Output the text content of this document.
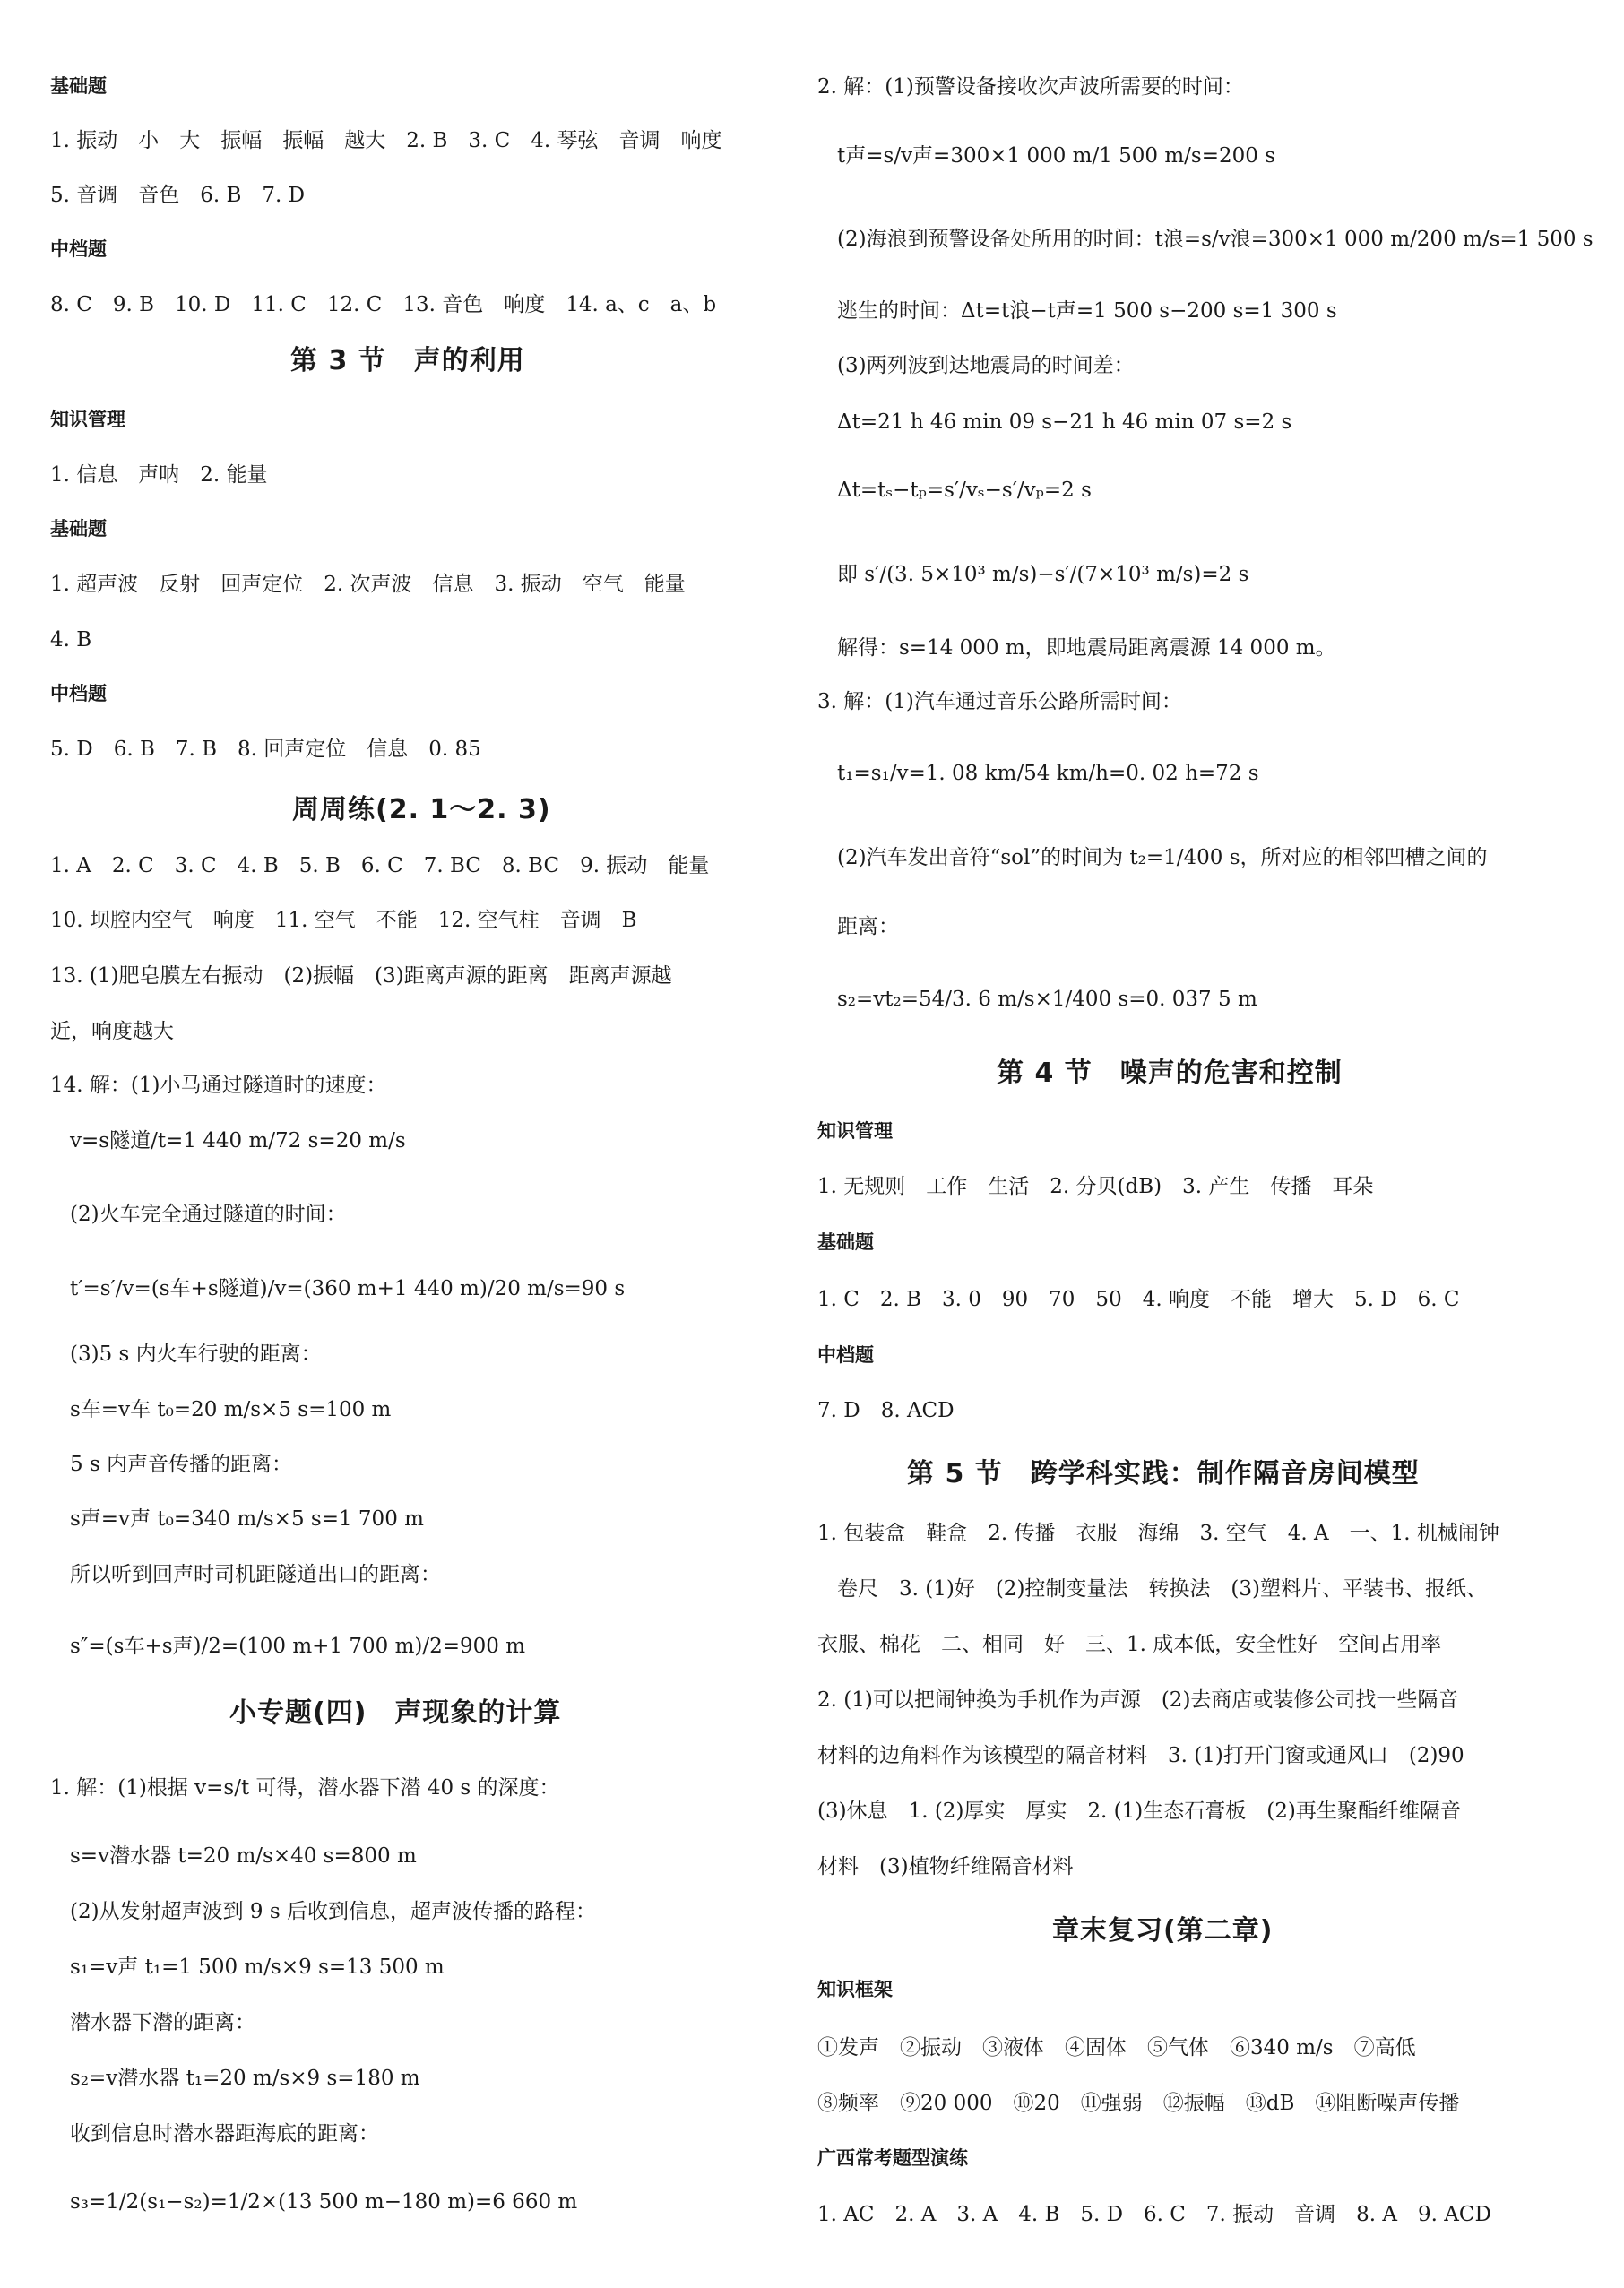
基础题
1. 振动　小　大　振幅　振幅　越大　2. B　3. C　4. 琴弦　音调　响度
5. 音调　音色　6. B　7. D
中档题
8. C　9. B　10. D　11. C　12. C　13. 音色　响度　14. a、c　a、b
第 3 节　声的利用
知识管理
1. 信息　声呐　2. 能量
基础题
1. 超声波　反射　回声定位　2. 次声波　信息　3. 振动　空气　能量
4. B
中档题
5. D　6. B　7. B　8. 回声定位　信息　0. 85
周周练(2. 1～2. 3)
1. A　2. C　3. C　4. B　5. B　6. C　7. BC　8. BC　9. 振动　能量
10. 坝腔内空气　响度　11. 空气　不能　12. 空气柱　音调　B
13. (1)肥皂膜左右振动　(2)振幅　(3)距离声源的距离　距离声源越
近，响度越大
14. 解：(1)小马通过隧道时的速度：
v=s隧道/t=1 440 m/72 s=20 m/s
(2)火车完全通过隧道的时间：
t′=s′/v=(s车+s隧道)/v=(360 m+1 440 m)/20 m/s=90 s
(3)5 s 内火车行驶的距离：
s车=v车 t₀=20 m/s×5 s=100 m
5 s 内声音传播的距离：
s声=v声 t₀=340 m/s×5 s=1 700 m
所以听到回声时司机距隧道出口的距离：
s″=(s车+s声)/2=(100 m+1 700 m)/2=900 m
小专题(四)　声现象的计算
1. 解：(1)根据 v=s/t 可得，潜水器下潜 40 s 的深度：
s=v潜水器 t=20 m/s×40 s=800 m
(2)从发射超声波到 9 s 后收到信息，超声波传播的路程：
s₁=v声 t₁=1 500 m/s×9 s=13 500 m
潜水器下潜的距离：
s₂=v潜水器 t₁=20 m/s×9 s=180 m
收到信息时潜水器距海底的距离：
s₃=1/2(s₁−s₂)=1/2×(13 500 m−180 m)=6 660 m
2. 解：(1)预警设备接收次声波所需要的时间：
t声=s/v声=300×1 000 m/1 500 m/s=200 s
(2)海浪到预警设备处所用的时间：t浪=s/v浪=300×1 000 m/200 m/s=1 500 s
逃生的时间：Δt=t浪−t声=1 500 s−200 s=1 300 s
(3)两列波到达地震局的时间差：
Δt=21 h 46 min 09 s−21 h 46 min 07 s=2 s
Δt=tₛ−tₚ=s′/vₛ−s′/vₚ=2 s
即 s′/(3. 5×10³ m/s)−s′/(7×10³ m/s)=2 s
解得：s=14 000 m，即地震局距离震源 14 000 m。
3. 解：(1)汽车通过音乐公路所需时间：
t₁=s₁/v=1. 08 km/54 km/h=0. 02 h=72 s
(2)汽车发出音符“sol”的时间为 t₂=1/400 s，所对应的相邻凹槽之间的
距离：
s₂=vt₂=54/3. 6 m/s×1/400 s=0. 037 5 m
第 4 节　噪声的危害和控制
知识管理
1. 无规则　工作　生活　2. 分贝(dB)　3. 产生　传播　耳朵
基础题
1. C　2. B　3. 0　90　70　50　4. 响度　不能　增大　5. D　6. C
中档题
7. D　8. ACD
第 5 节　跨学科实践：制作隔音房间模型
1. 包装盒　鞋盒　2. 传播　衣服　海绵　3. 空气　4. A　一、1. 机械闹钟
卷尺　3. (1)好　(2)控制变量法　转换法　(3)塑料片、平装书、报纸、
衣服、棉花　二、相同　好　三、1. 成本低，安全性好　空间占用率
2. (1)可以把闹钟换为手机作为声源　(2)去商店或装修公司找一些隔音
材料的边角料作为该模型的隔音材料　3. (1)打开门窗或通风口　(2)90
(3)休息　1. (2)厚实　厚实　2. (1)生态石膏板　(2)再生聚酯纤维隔音
材料　(3)植物纤维隔音材料
章末复习(第二章)
知识框架
①发声　②振动　③液体　④固体　⑤气体　⑥340 m/s　⑦高低
⑧频率　⑨20 000　⑩20　⑪强弱　⑫振幅　⑬dB　⑭阻断噪声传播
广西常考题型演练
1. AC　2. A　3. A　4. B　5. D　6. C　7. 振动　音调　8. A　9. ACD
